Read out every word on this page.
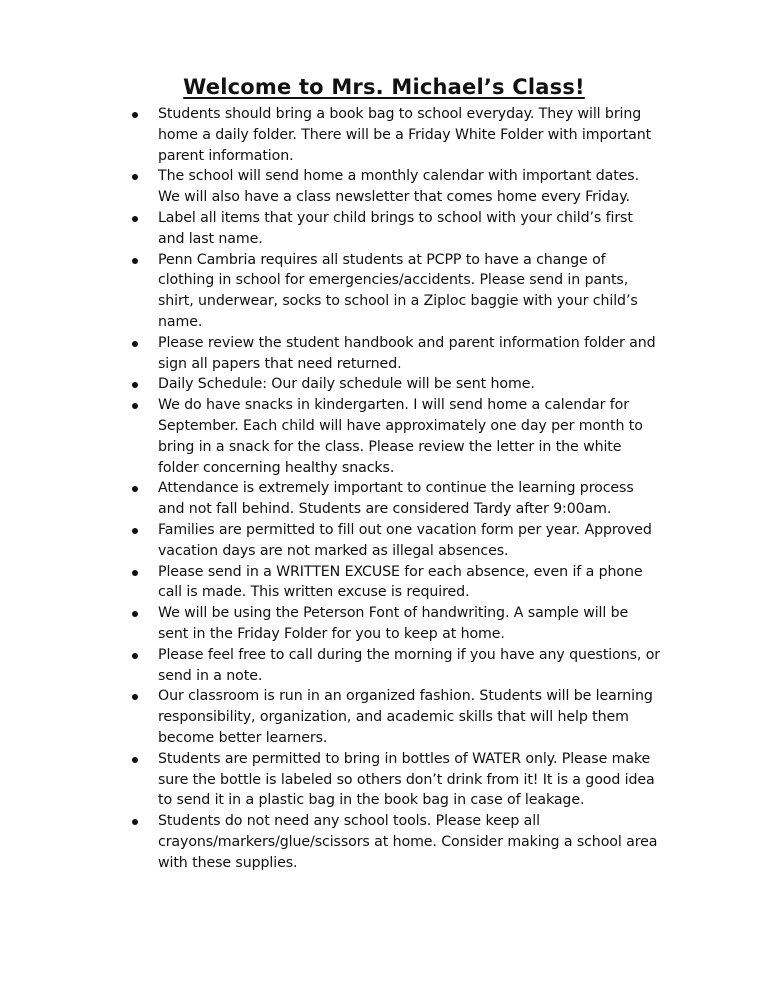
Welcome to Mrs. Michael’s Class!
Students should bring a book bag to school everyday. They will bring home a daily folder. There will be a Friday White Folder with important parent information.
The school will send home a monthly calendar with important dates. We will also have a class newsletter that comes home every Friday.
Label all items that your child brings to school with your child’s first and last name.
Penn Cambria requires all students at PCPP to have a change of clothing in school for emergencies/accidents. Please send in pants, shirt, underwear, socks to school in a Ziploc baggie with your child’s name.
Please review the student handbook and parent information folder and sign all papers that need returned.
Daily Schedule: Our daily schedule will be sent home.
We do have snacks in kindergarten. I will send home a calendar for September. Each child will have approximately one day per month to bring in a snack for the class. Please review the letter in the white folder concerning healthy snacks.
Attendance is extremely important to continue the learning process and not fall behind. Students are considered Tardy after 9:00am.
Families are permitted to fill out one vacation form per year. Approved vacation days are not marked as illegal absences.
Please send in a WRITTEN EXCUSE for each absence, even if a phone call is made. This written excuse is required.
We will be using the Peterson Font of handwriting. A sample will be sent in the Friday Folder for you to keep at home.
Please feel free to call during the morning if you have any questions, or send in a note.
Our classroom is run in an organized fashion. Students will be learning responsibility, organization, and academic skills that will help them become better learners.
Students are permitted to bring in bottles of WATER only. Please make sure the bottle is labeled so others don’t drink from it! It is a good idea to send it in a plastic bag in the book bag in case of leakage.
Students do not need any school tools. Please keep all crayons/markers/glue/scissors at home. Consider making a school area with these supplies.
